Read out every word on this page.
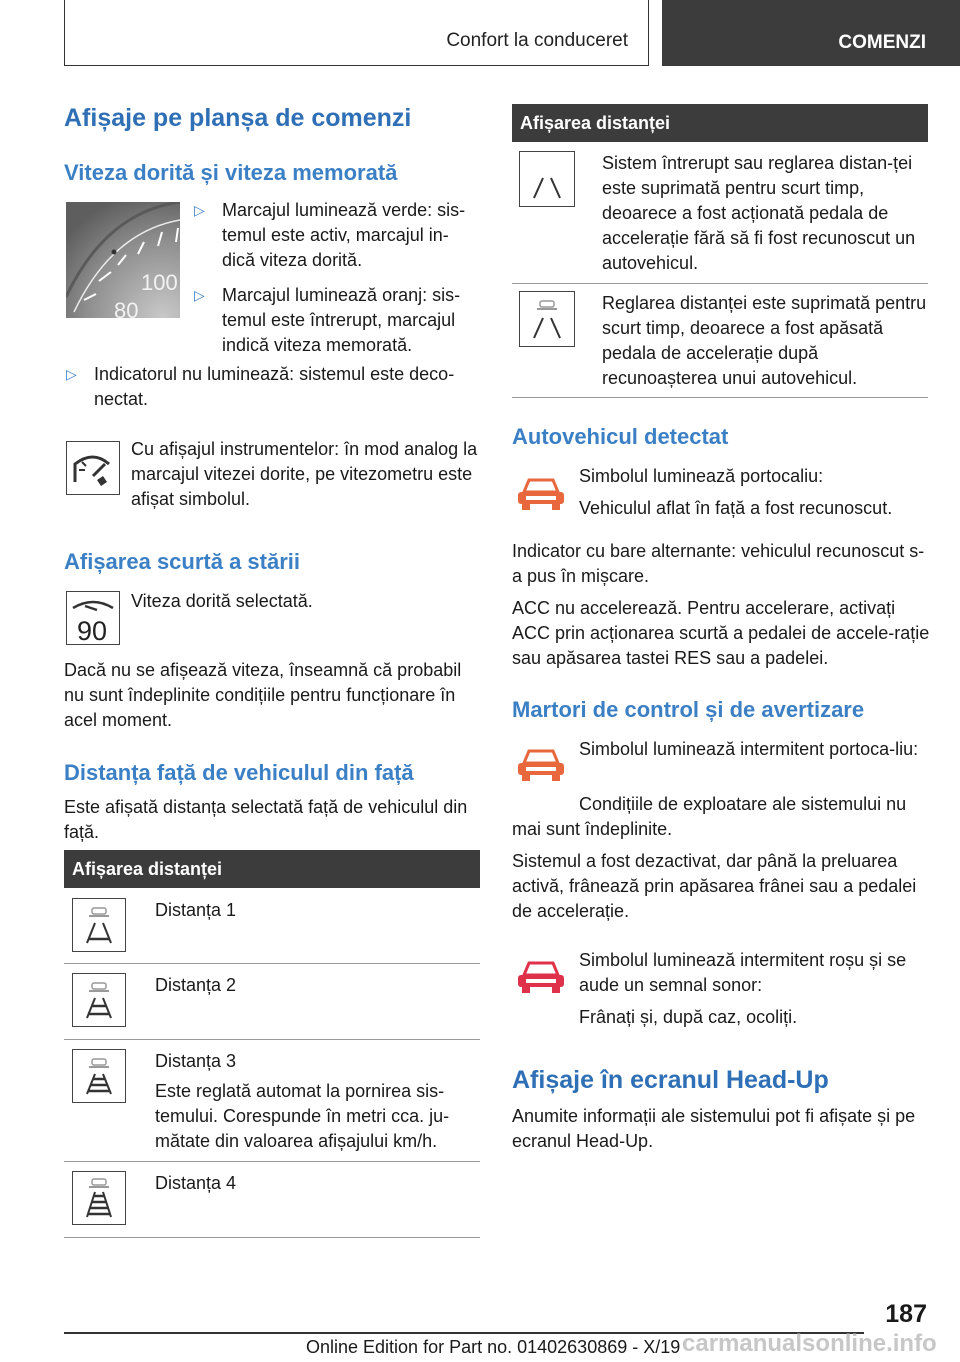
Confort la conduceret	COMENZI
Afișaje pe planșa de comenzi
Viteza dorită și viteza memorată
100
80
▷ Marcajul luminează verde: sis-temul este activ, marcajul in-dică viteza dorită.
▷ Marcajul luminează oranj: sis-temul este întrerupt, marcajul indică viteza memorată.
▷ Indicatorul nu luminează: sistemul este deco-nectat.
Cu afișajul instrumentelor: în mod analog la marcajul vitezei dorite, pe vitezometru este afișat simbolul.
Afișarea scurtă a stării
90
Viteza dorită selectată.
Dacă nu se afișează viteza, înseamnă că probabil nu sunt îndeplinite condițiile pentru funcționare în acel moment.
Distanța față de vehiculul din față
Este afișată distanța selectată față de vehiculul din față.
Afișarea distanței
Distanța 1
Distanța 2
Distanța 3
Este reglată automat la pornirea sis-temului. Corespunde în metri cca. ju-mătate din valoarea afișajului km/h.
Distanța 4
Afișarea distanței
Sistem întrerupt sau reglarea distan-ței este suprimată pentru scurt timp, deoarece a fost acționată pedala de accelerație fără să fi fost recunoscut un autovehicul.
Reglarea distanței este suprimată pentru scurt timp, deoarece a fost apăsată pedala de accelerație după recunoașterea unui autovehicul.
Autovehicul detectat
Simbolul luminează portocaliu:
Vehiculul aflat în față a fost recunoscut.
Indicator cu bare alternante: vehiculul recunoscut s-a pus în mișcare.
ACC nu accelerează. Pentru accelerare, activați ACC prin acționarea scurtă a pedalei de accele-rație sau apăsarea tastei RES sau a padelei.
Martori de control și de avertizare
Simbolul luminează intermitent portoca-liu:
Condițiile de exploatare ale sistemului nu mai sunt îndeplinite.
Sistemul a fost dezactivat, dar până la preluarea activă, frânează prin apăsarea frânei sau a pedalei de accelerație.
Simbolul luminează intermitent roșu și se aude un semnal sonor:
Frânați și, după caz, ocoliți.
Afișaje în ecranul Head-Up
Anumite informații ale sistemului pot fi afișate și pe ecranul Head-Up.
187
Online Edition for Part no. 01402630869 - X/19 carmanualsonline.info
